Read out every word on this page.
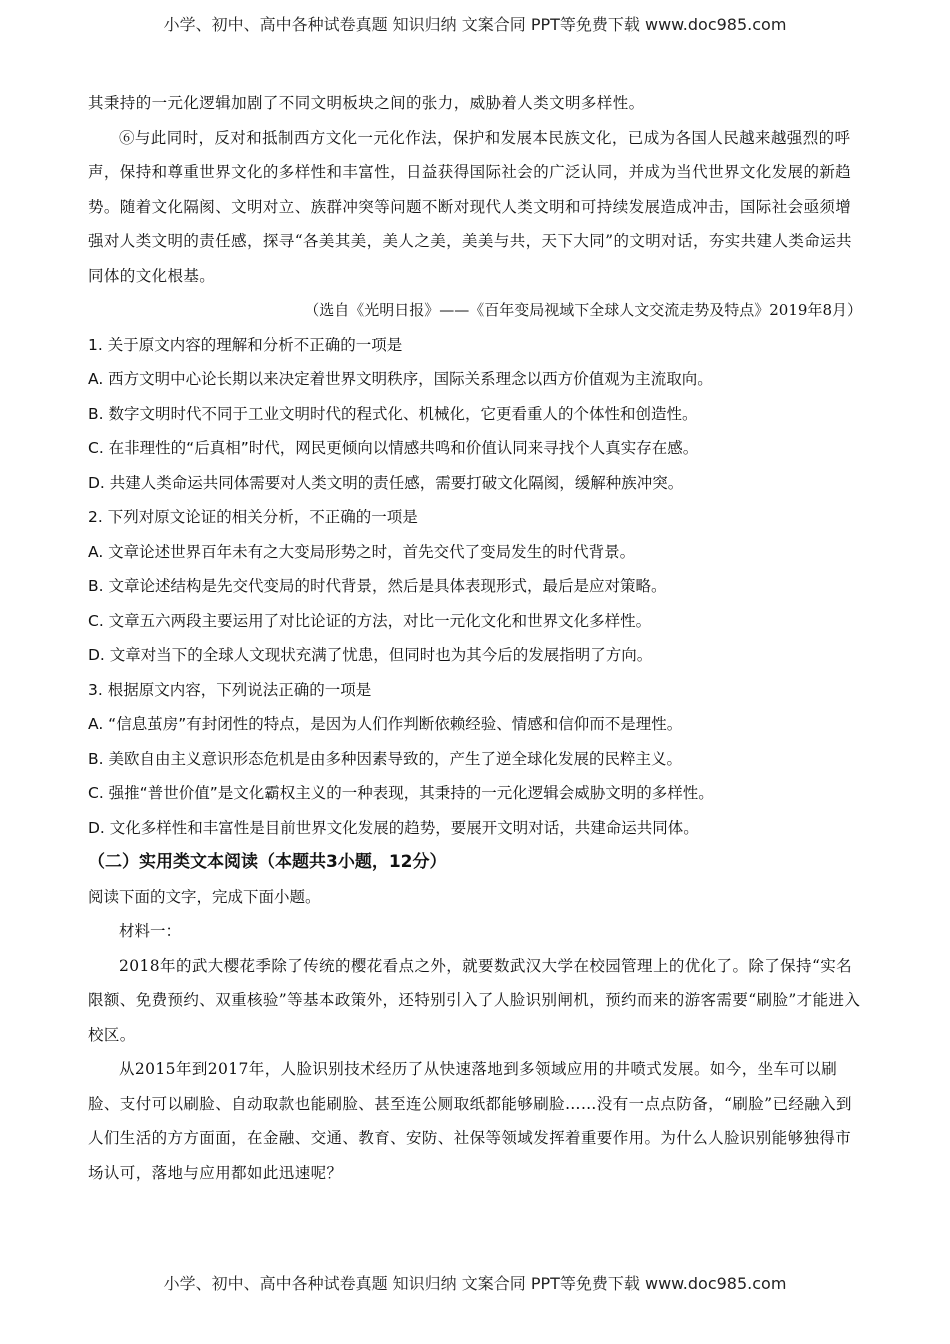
小学、初中、高中各种试卷真题 知识归纳 文案合同 PPT等免费下载 www.doc985.com

其秉持的一元化逻辑加剧了不同文明板块之间的张力，威胁着人类文明多样性。

⑥与此同时，反对和抵制西方文化一元化作法，保护和发展本民族文化，已成为各国人民越来越强烈的呼声，保持和尊重世界文化的多样性和丰富性，日益获得国际社会的广泛认同，并成为当代世界文化发展的新趋势。随着文化隔阂、文明对立、族群冲突等问题不断对现代人类文明和可持续发展造成冲击，国际社会亟须增强对人类文明的责任感，探寻“各美其美，美人之美，美美与共，天下大同”的文明对话，夯实共建人类命运共同体的文化根基。

（选自《光明日报》——《百年变局视域下全球人文交流走势及特点》2019年8月）

1. 关于原文内容的理解和分析不正确的一项是

A. 西方文明中心论长期以来决定着世界文明秩序，国际关系理念以西方价值观为主流取向。

B. 数字文明时代不同于工业文明时代的程式化、机械化，它更看重人的个体性和创造性。

C. 在非理性的“后真相”时代，网民更倾向以情感共鸣和价值认同来寻找个人真实存在感。

D. 共建人类命运共同体需要对人类文明的责任感，需要打破文化隔阂，缓解种族冲突。

2. 下列对原文论证的相关分析，不正确的一项是

A. 文章论述世界百年未有之大变局形势之时，首先交代了变局发生的时代背景。

B. 文章论述结构是先交代变局的时代背景，然后是具体表现形式，最后是应对策略。

C. 文章五六两段主要运用了对比论证的方法，对比一元化文化和世界文化多样性。

D. 文章对当下的全球人文现状充满了忧患，但同时也为其今后的发展指明了方向。

3. 根据原文内容，下列说法正确的一项是

A. “信息茧房”有封闭性的特点，是因为人们作判断依赖经验、情感和信仰而不是理性。

B. 美欧自由主义意识形态危机是由多种因素导致的，产生了逆全球化发展的民粹主义。

C. 强推“普世价值”是文化霸权主义的一种表现，其秉持的一元化逻辑会威胁文明的多样性。

D. 文化多样性和丰富性是目前世界文化发展的趋势，要展开文明对话，共建命运共同体。

（二）实用类文本阅读（本题共3小题，12分）

阅读下面的文字，完成下面小题。

材料一：

2018年的武大樱花季除了传统的樱花看点之外，就要数武汉大学在校园管理上的优化了。除了保持“实名限额、免费预约、双重核验”等基本政策外，还特别引入了人脸识别闸机，预约而来的游客需要“刷脸”才能进入校区。

从2015年到2017年，人脸识别技术经历了从快速落地到多领域应用的井喷式发展。如今，坐车可以刷脸、支付可以刷脸、自动取款也能刷脸、甚至连公厕取纸都能够刷脸……没有一点点防备，“刷脸”已经融入到人们生活的方方面面，在金融、交通、教育、安防、社保等领域发挥着重要作用。为什么人脸识别能够独得市场认可，落地与应用都如此迅速呢？

小学、初中、高中各种试卷真题 知识归纳 文案合同 PPT等免费下载 www.doc985.com
